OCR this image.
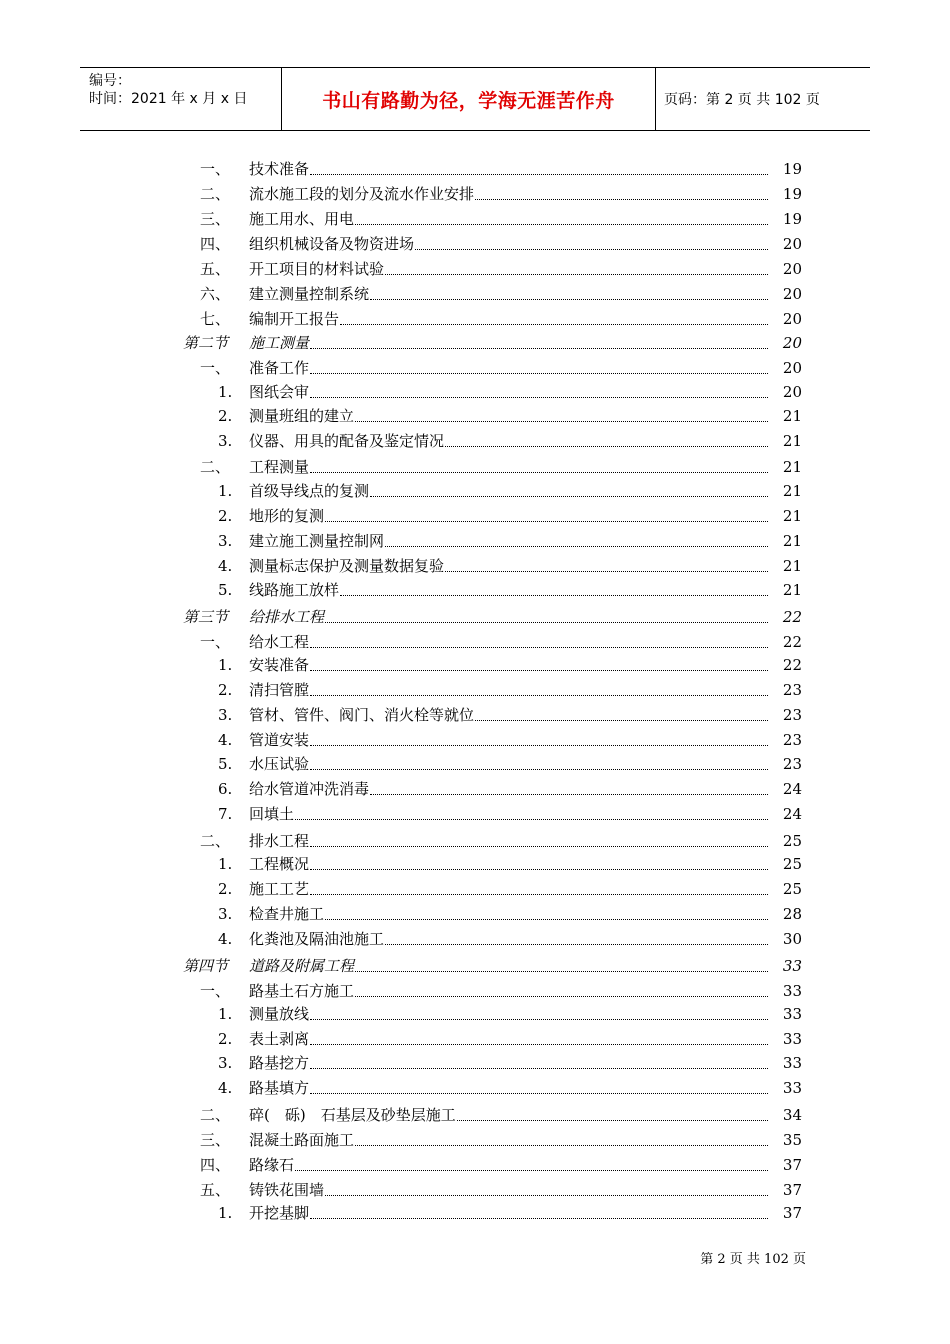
编号：
时间：2021 年 x 月 x 日	书山有路勤为径，学海无涯苦作舟	页码：第 2 页 共 102 页
一、 技术准备	19
二、 流水施工段的划分及流水作业安排	19
三、 施工用水、用电	19
四、 组织机械设备及物资进场	20
五、 开工项目的材料试验	20
六、 建立测量控制系统	20
七、 编制开工报告	20
第二节 施工测量	20
一、 准备工作	20
1. 图纸会审	20
2. 测量班组的建立	21
3. 仪器、用具的配备及鉴定情况	21
二、 工程测量	21
1. 首级导线点的复测	21
2. 地形的复测	21
3. 建立施工测量控制网	21
4. 测量标志保护及测量数据复验	21
5. 线路施工放样	21
第三节 给排水工程	22
一、 给水工程	22
1. 安装准备	22
2. 清扫管膛	23
3. 管材、管件、阀门、消火栓等就位	23
4. 管道安装	23
5. 水压试验	23
6. 给水管道冲洗消毒	24
7. 回填土	24
二、 排水工程	25
1. 工程概况	25
2. 施工工艺	25
3. 检查井施工	28
4. 化粪池及隔油池施工	30
第四节 道路及附属工程	33
一、 路基土石方施工	33
1. 测量放线	33
2. 表土剥离	33
3. 路基挖方	33
4. 路基填方	33
二、 碎(　砾)　石基层及砂垫层施工	34
三、 混凝土路面施工	35
四、 路缘石	37
五、 铸铁花围墙	37
1. 开挖基脚	37
第 2 页 共 102 页
